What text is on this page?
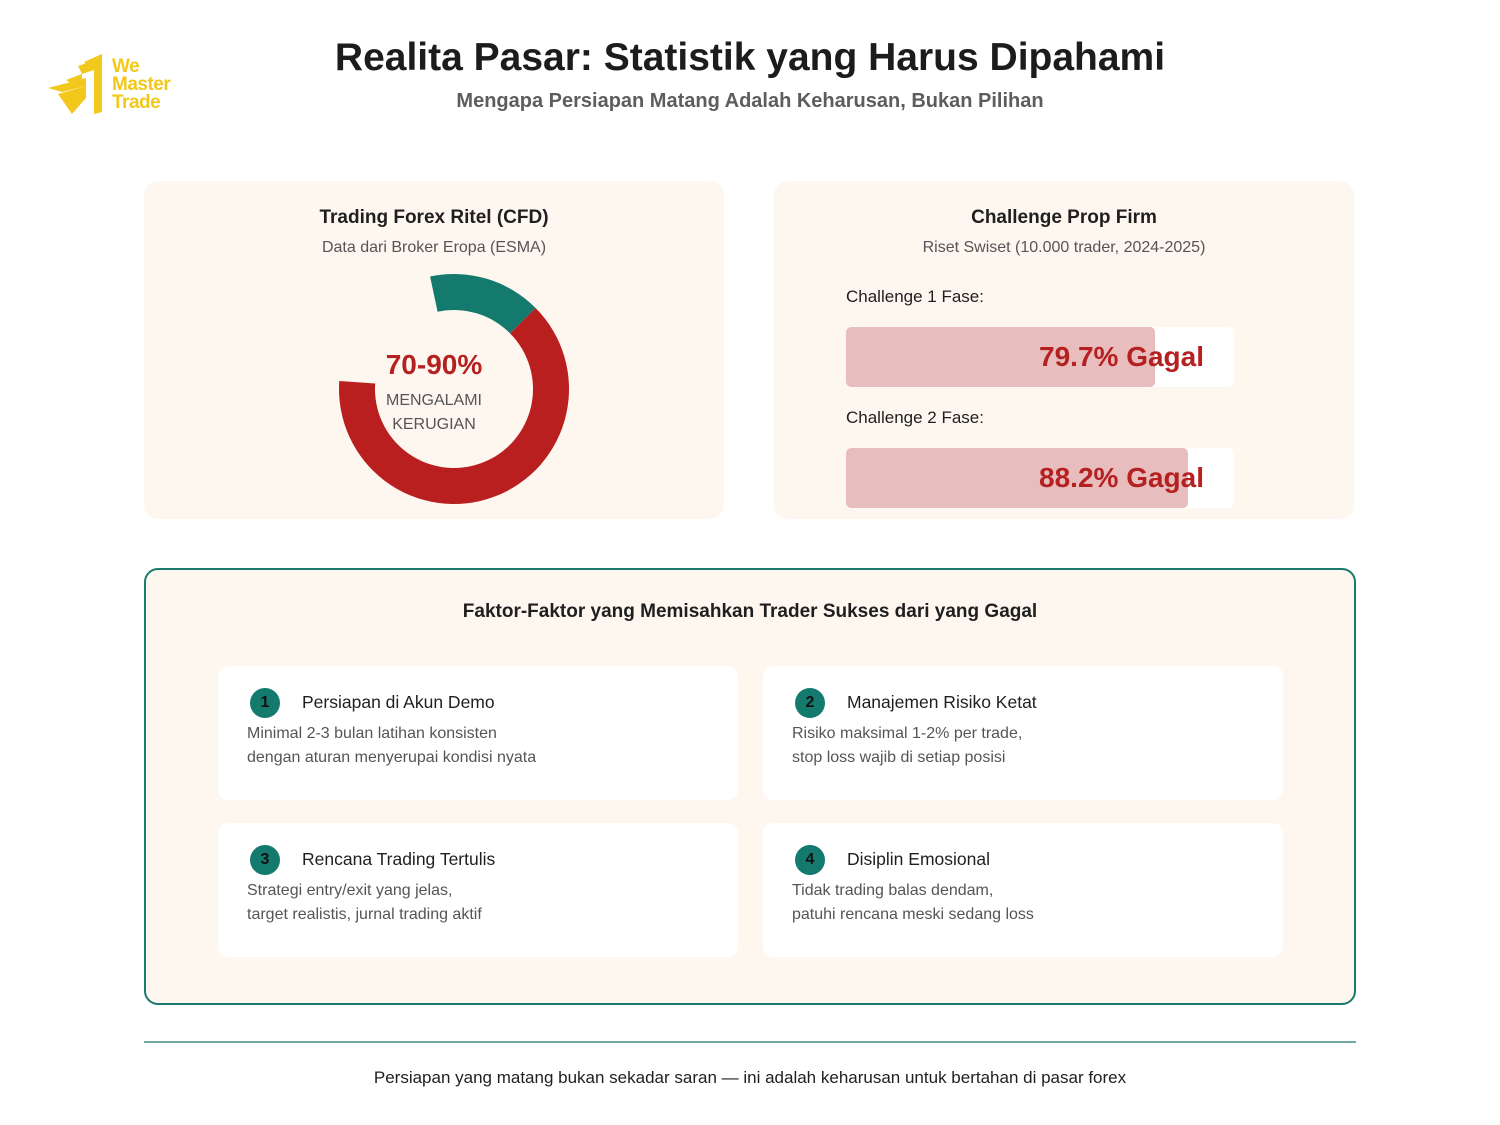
We
Master
Trade
Realita Pasar: Statistik yang Harus Dipahami
Mengapa Persiapan Matang Adalah Keharusan, Bukan Pilihan
Trading Forex Ritel (CFD)
Data dari Broker Eropa (ESMA)
70-90%
MENGALAMI
KERUGIAN
Challenge Prop Firm
Riset Swiset (10.000 trader, 2024-2025)
Challenge 1 Fase:
79.7% Gagal
Challenge 2 Fase:
88.2% Gagal
Faktor-Faktor yang Memisahkan Trader Sukses dari yang Gagal
1	Persiapan di Akun Demo
Minimal 2-3 bulan latihan konsisten
dengan aturan menyerupai kondisi nyata
2	Manajemen Risiko Ketat
Risiko maksimal 1-2% per trade,
stop loss wajib di setiap posisi
3	Rencana Trading Tertulis
Strategi entry/exit yang jelas,
target realistis, jurnal trading aktif
4	Disiplin Emosional
Tidak trading balas dendam,
patuhi rencana meski sedang loss
Persiapan yang matang bukan sekadar saran — ini adalah keharusan untuk bertahan di pasar forex
